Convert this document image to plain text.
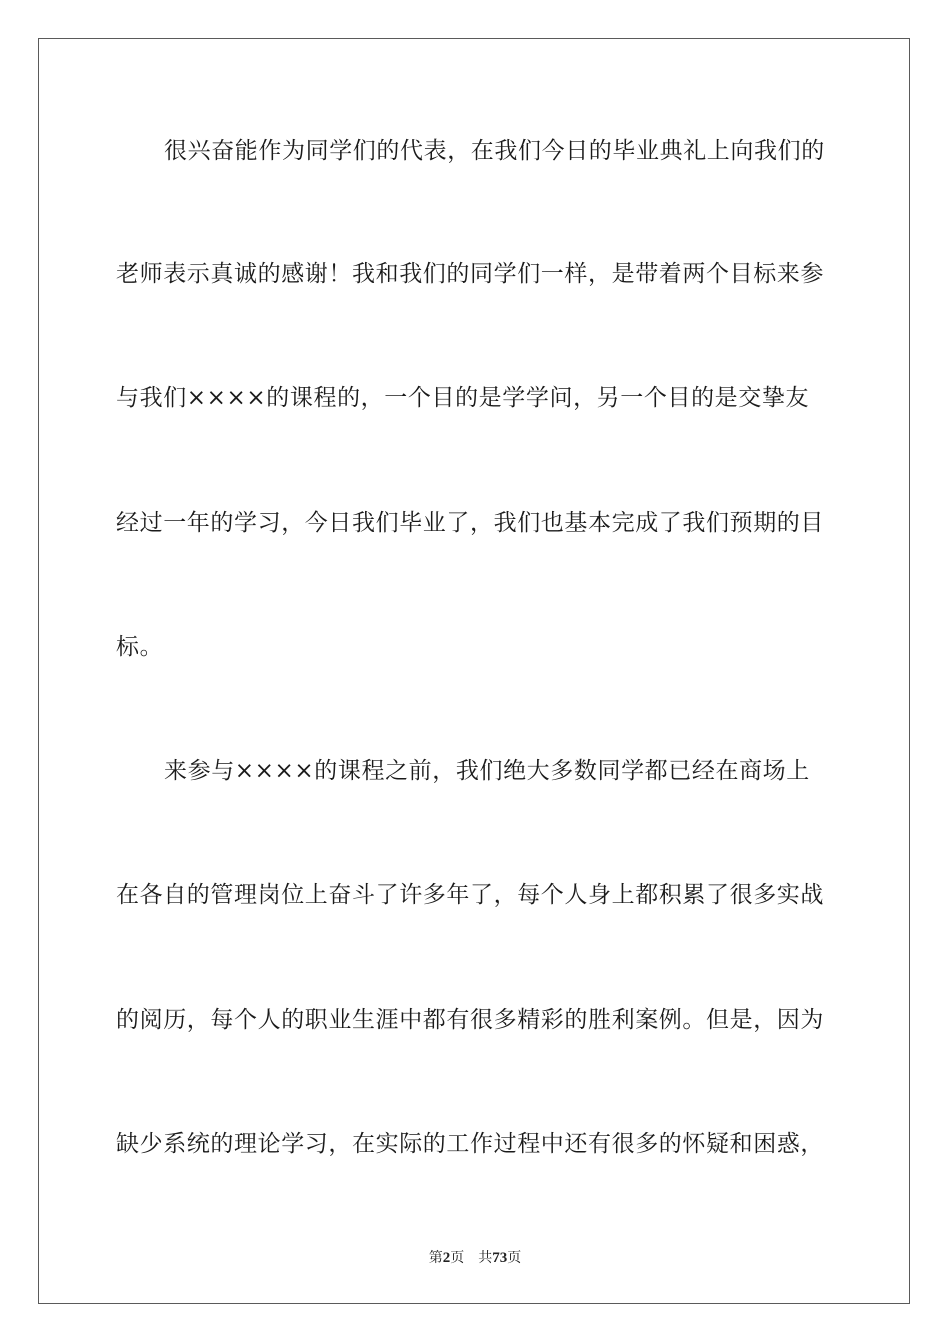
很兴奋能作为同学们的代表，在我们今日的毕业典礼上向我们的
老师表示真诚的感谢！我和我们的同学们一样，是带着两个目标来参
与我们××××的课程的，一个目的是学学问，另一个目的是交挚友
经过一年的学习，今日我们毕业了，我们也基本完成了我们预期的目
标。
来参与××××的课程之前，我们绝大多数同学都已经在商场上
在各自的管理岗位上奋斗了许多年了，每个人身上都积累了很多实战
的阅历，每个人的职业生涯中都有很多精彩的胜利案例。但是，因为
缺少系统的理论学习，在实际的工作过程中还有很多的怀疑和困惑，
第2页 共73页
